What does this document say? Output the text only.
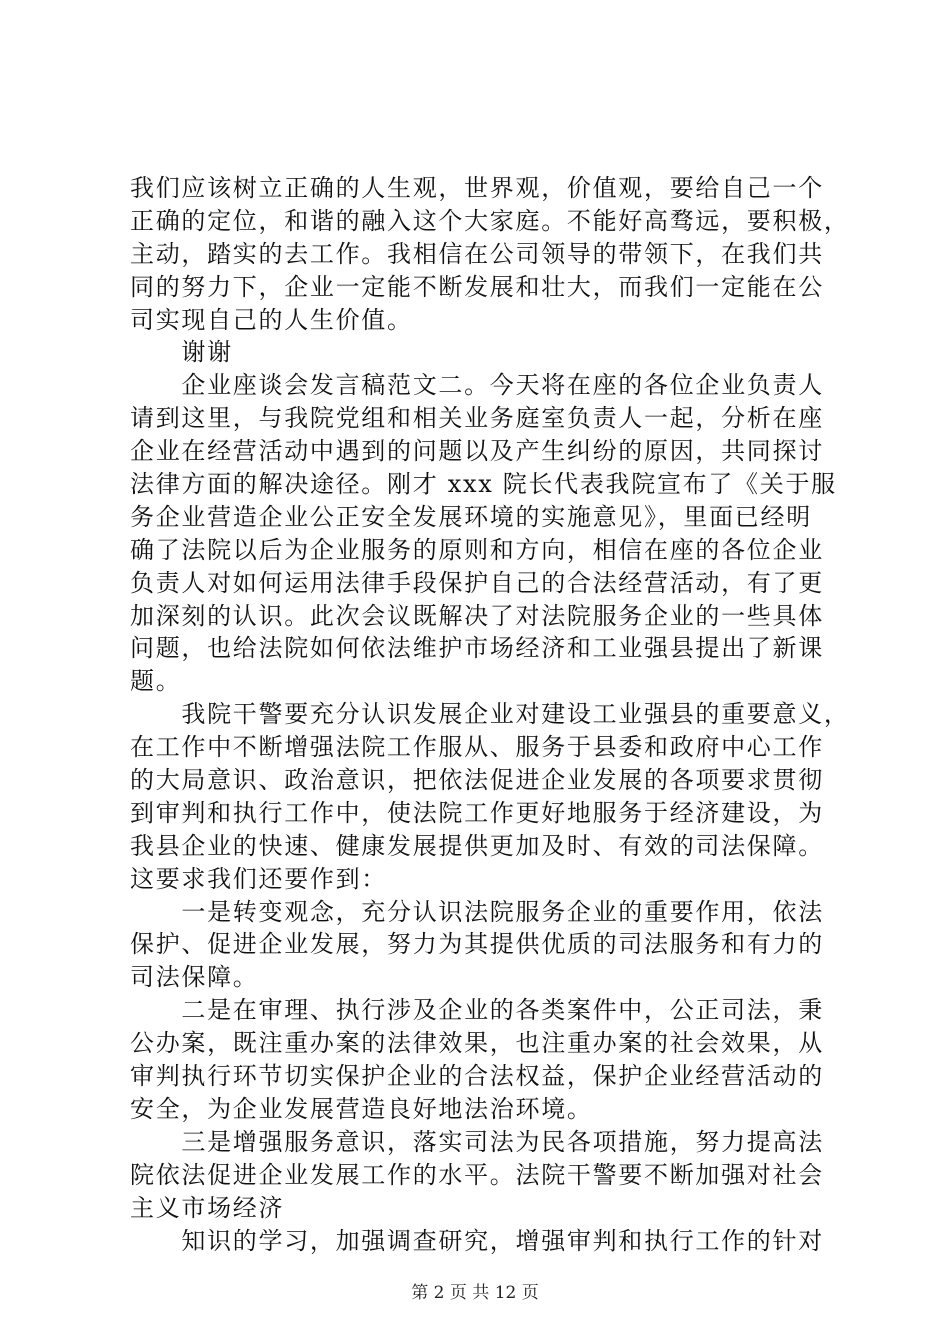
我们应该树立正确的人生观，世界观，价值观，要给自己一个
正确的定位，和谐的融入这个大家庭。不能好高骛远，要积极，
主动，踏实的去工作。我相信在公司领导的带领下，在我们共
同的努力下，企业一定能不断发展和壮大，而我们一定能在公
司实现自己的人生价值。
　　谢谢
　　企业座谈会发言稿范文二。今天将在座的各位企业负责人
请到这里，与我院党组和相关业务庭室负责人一起，分析在座
企业在经营活动中遇到的问题以及产生纠纷的原因，共同探讨
法律方面的解决途径。刚才 xxx 院长代表我院宣布了《关于服
务企业营造企业公正安全发展环境的实施意见》，里面已经明
确了法院以后为企业服务的原则和方向，相信在座的各位企业
负责人对如何运用法律手段保护自己的合法经营活动，有了更
加深刻的认识。此次会议既解决了对法院服务企业的一些具体
问题，也给法院如何依法维护市场经济和工业强县提出了新课
题。
　　我院干警要充分认识发展企业对建设工业强县的重要意义，
在工作中不断增强法院工作服从、服务于县委和政府中心工作
的大局意识、政治意识，把依法促进企业发展的各项要求贯彻
到审判和执行工作中，使法院工作更好地服务于经济建设，为
我县企业的快速、健康发展提供更加及时、有效的司法保障。
这要求我们还要作到：
　　一是转变观念，充分认识法院服务企业的重要作用，依法
保护、促进企业发展，努力为其提供优质的司法服务和有力的
司法保障。
　　二是在审理、执行涉及企业的各类案件中，公正司法，秉
公办案，既注重办案的法律效果，也注重办案的社会效果，从
审判执行环节切实保护企业的合法权益，保护企业经营活动的
安全，为企业发展营造良好地法治环境。
　　三是增强服务意识，落实司法为民各项措施，努力提高法
院依法促进企业发展工作的水平。法院干警要不断加强对社会
主义市场经济
　　知识的学习，加强调查研究，增强审判和执行工作的针对
第 2 页 共 12 页
